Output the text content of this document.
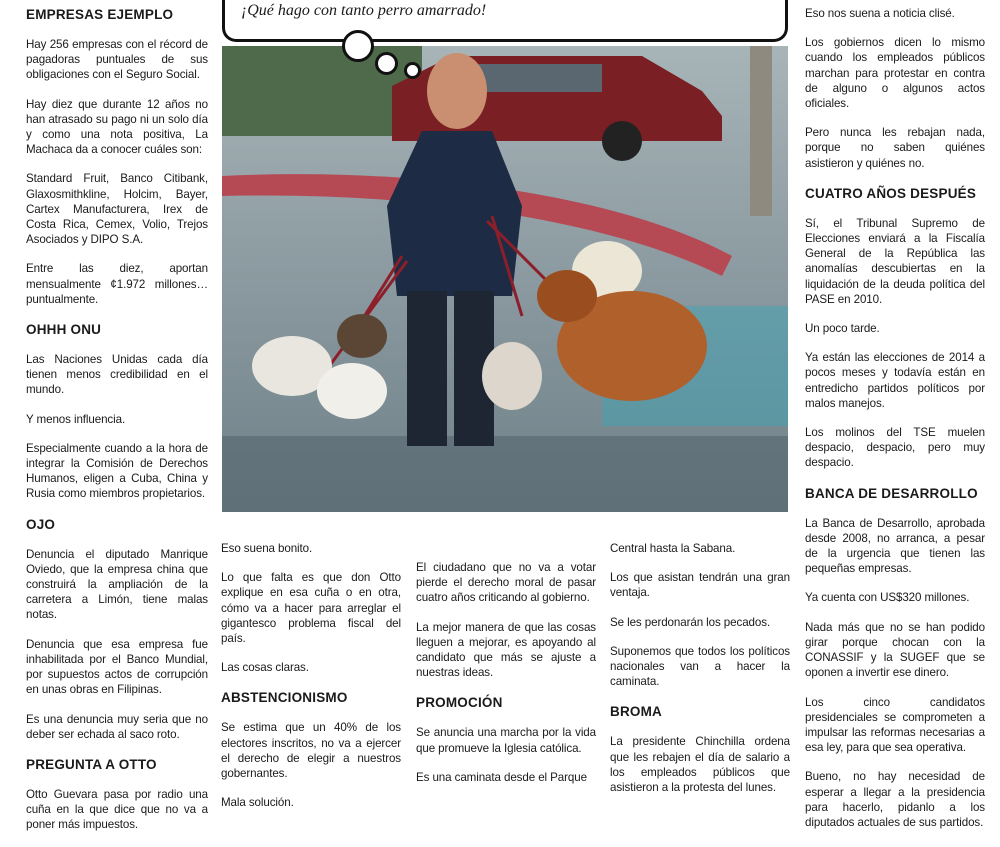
EMPRESAS EJEMPLO

Hay 256 empresas con el récord de pagadoras puntuales de sus obligaciones con el Seguro Social.

Hay diez que durante 12 años no han atrasado su pago ni un solo día y como una nota positiva, La Machaca da a conocer cuáles son:

Standard Fruit, Banco Citibank, Glaxosmithkline, Holcim, Bayer, Cartex Manufacturera, Irex de Costa Rica, Cemex, Volio, Trejos Asociados y DIPO S.A.

Entre las diez, aportan mensualmente ¢1.972 millones… puntualmente.

OHHH ONU

Las Naciones Unidas cada día tienen menos credibilidad en el mundo.

Y menos influencia.

Especialmente cuando a la hora de integrar la Comisión de Derechos Humanos, eligen a Cuba, China y Rusia como miembros propietarios.

OJO

Denuncia el diputado Manrique Oviedo, que la empresa china que construirá la ampliación de la carretera a Limón, tiene malas notas.

Denuncia que esa empresa fue inhabilitada por el Banco Mundial, por supuestos actos de corrupción en unas obras en Filipinas.

Es una denuncia muy seria que no deber ser echada al saco roto.

PREGUNTA A OTTO

Otto Guevara pasa por radio una cuña en la que dice que no va a poner más impuestos.

Eso suena bonito.

Lo que falta es que don Otto explique en esa cuña o en otra, cómo va a hacer para arreglar el gigantesco problema fiscal del país.

Las cosas claras.

ABSTENCIONISMO

Se estima que un 40% de los electores inscritos, no va a ejercer el derecho de elegir a nuestros gobernantes.

Mala solución.

El ciudadano que no va a votar pierde el derecho moral de pasar cuatro años criticando al gobierno.

La mejor manera de que las cosas lleguen a mejorar, es apoyando al candidato que más se ajuste a nuestras ideas.

PROMOCIÓN

Se anuncia una marcha por la vida que promueve la Iglesia católica.

Es una caminata desde el Parque

Central hasta la Sabana.

Los que asistan tendrán una gran ventaja.

Se les perdonarán los pecados.

Suponemos que todos los políticos nacionales van a hacer la caminata.

BROMA

La presidente Chinchilla ordena que les rebajen el día de salario a los empleados públicos que asistieron a la protesta del lunes.

Eso nos suena a noticia clisé.

Los gobiernos dicen lo mismo cuando los empleados públicos marchan para protestar en contra de alguno o algunos actos oficiales.

Pero nunca les rebajan nada, porque no saben quiénes asistieron y quiénes no.

CUATRO AÑOS DESPUÉS

Sí, el Tribunal Supremo de Elecciones enviará a la Fiscalía General de la República las anomalías descubiertas en la liquidación de la deuda política del PASE en 2010.

Un poco tarde.

Ya están las elecciones de 2014 a pocos meses y todavía están en entredicho partidos políticos por malos manejos.

Los molinos del TSE muelen despacio, despacio, pero muy despacio.

BANCA DE DESARROLLO

La Banca de Desarrollo, aprobada desde 2008, no arranca, a pesar de la urgencia que tienen las pequeñas empresas.

Ya cuenta con US$320 millones.

Nada más que no se han podido girar porque chocan con la CONASSIF y la SUGEF que se oponen a invertir ese dinero.

Los cinco candidatos presidenciales se comprometen a impulsar las reformas necesarias a esa ley, para que sea operativa.

Bueno, no hay necesidad de esperar a llegar a la presidencia para hacerlo, pidanlo a los diputados actuales de sus partidos.

¡Qué hago con tanto perro amarrado!
